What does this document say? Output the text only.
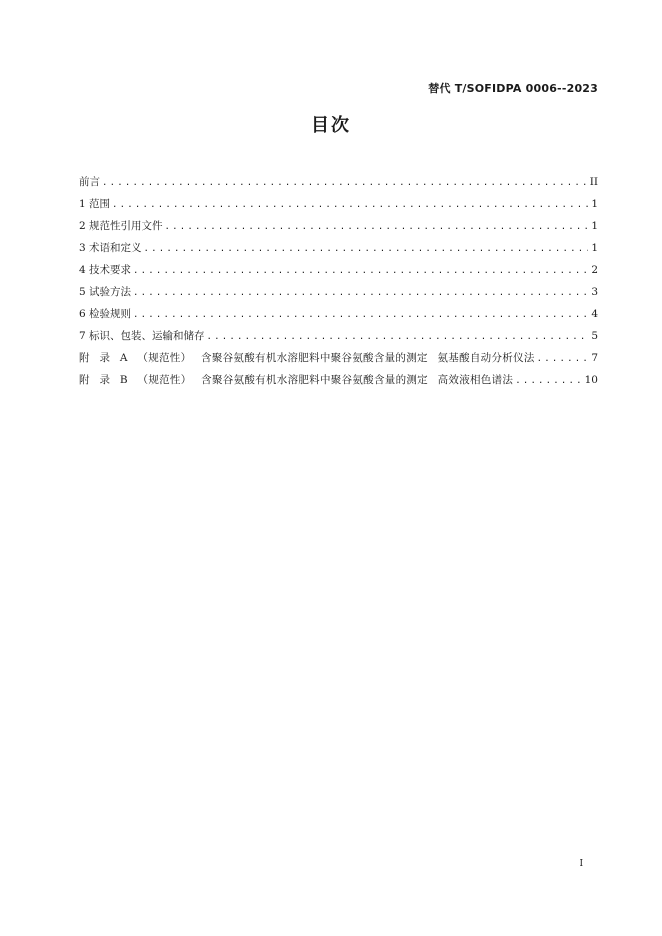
替代 T/SOFIDPA 0006--2023
目次
前言 .....	II
1 范围 .....	1
2 规范性引用文件 .....	1
3 术语和定义 .....	1
4 技术要求 .....	2
5 试验方法 .....	3
6 检验规则 .....	4
7 标识、包装、运输和储存 .....	5
附 录 A （规范性） 含聚谷氨酸有机水溶肥料中聚谷氨酸含量的测定 氨基酸自动分析仪法 .....	7
附 录 B （规范性） 含聚谷氨酸有机水溶肥料中聚谷氨酸含量的测定 高效液相色谱法 .....	10
I
